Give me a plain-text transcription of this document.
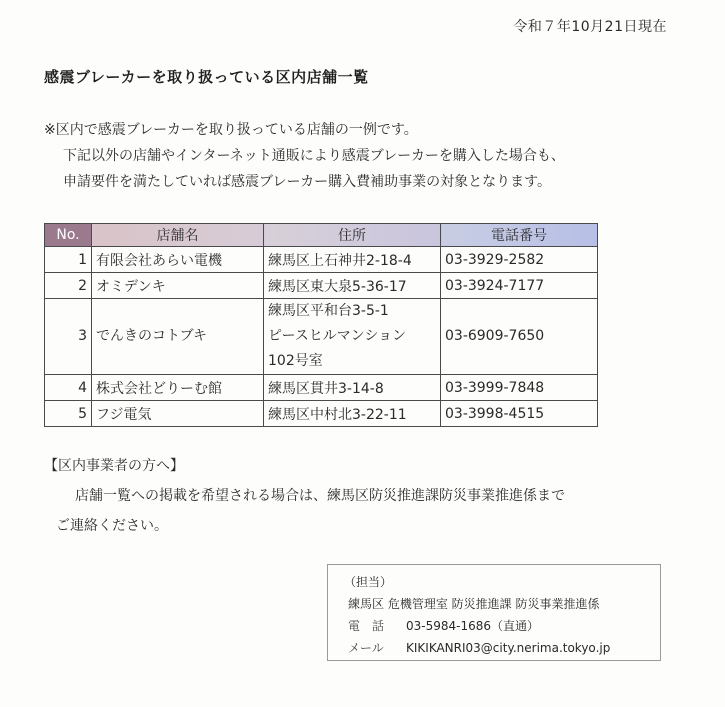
令和７年10月21日現在
感震ブレーカーを取り扱っている区内店舗一覧
※区内で感震ブレーカーを取り扱っている店舗の一例です。
下記以外の店舗やインターネット通販により感震ブレーカーを購入した場合も、
申請要件を満たしていれば感震ブレーカー購入費補助事業の対象となります。
No.	店舗名	住所	電話番号
1	有限会社あらい電機	練馬区上石神井2-18-4	03-3929-2582
2	オミデンキ	練馬区東大泉5-36-17	03-3924-7177
3	でんきのコトブキ	練馬区平和台3-5-1
ピースヒルマンション
102号室	03-6909-7650
4	株式会社どりーむ館	練馬区貫井3-14-8	03-3999-7848
5	フジ電気	練馬区中村北3-22-11	03-3998-4515
【区内事業者の方へ】
店舗一覧への掲載を希望される場合は、練馬区防災推進課防災事業推進係まで
ご連絡ください。
（担当）
練馬区 危機管理室 防災推進課 防災事業推進係
電　話 03-5984-1686（直通）
メール KIKIKANRI03@city.nerima.tokyo.jp
